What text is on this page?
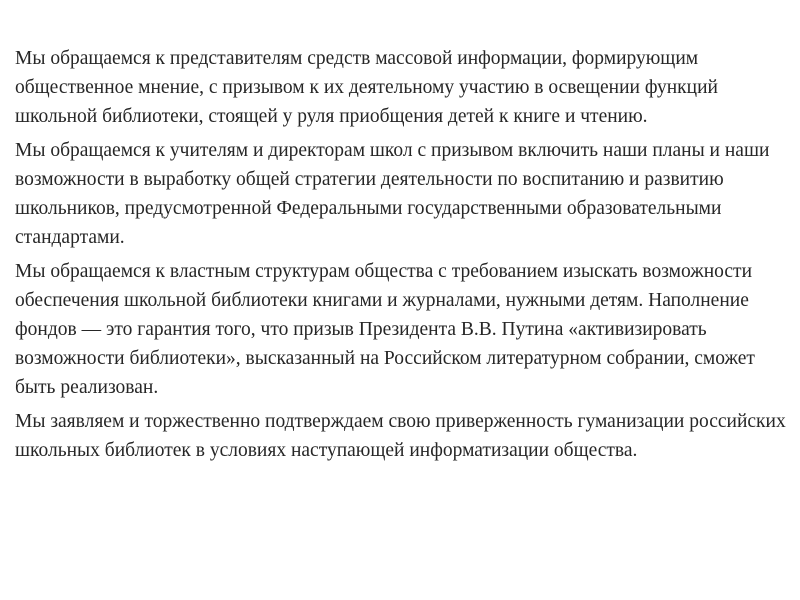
Мы обращаемся к представителям средств массовой информации, формирующим общественное мнение, с призывом к их деятельному участию в освещении функций школьной библиотеки, стоящей у руля приобщения детей к книге и чтению.

Мы обращаемся к учителям и директорам школ с призывом включить наши планы и наши возможности в выработку общей стратегии деятельности по воспитанию и развитию школьников, предусмотренной Федеральными государственными образовательными стандартами.

Мы обращаемся к властным структурам общества с требованием изыскать возможности обеспечения школьной библиотеки книгами и журналами, нужными детям. Наполнение фондов — это гарантия того, что призыв Президента В.В. Путина «активизировать возможности библиотеки», высказанный на Российском литературном собрании, сможет быть реализован.

Мы заявляем и торжественно подтверждаем свою приверженность гуманизации российских школьных библиотек в условиях наступающей информатизации общества.
